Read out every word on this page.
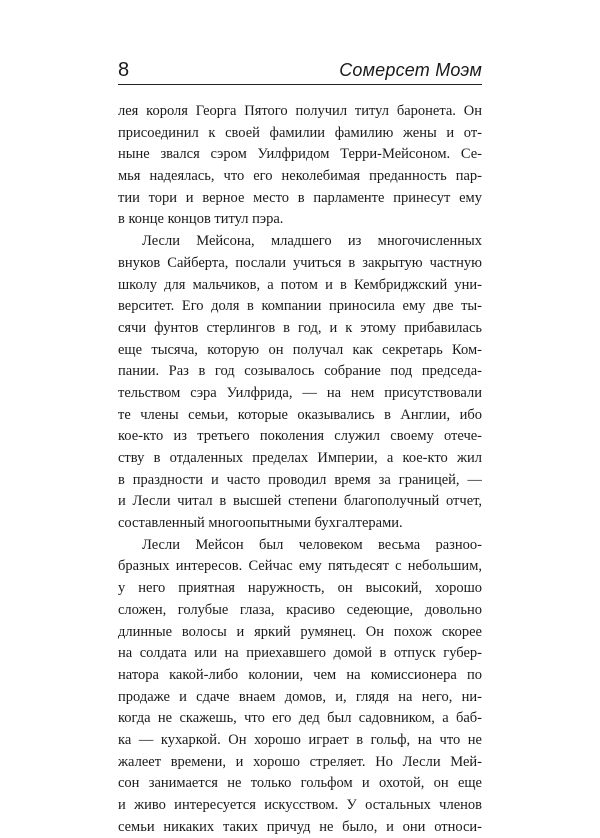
8	Сомерсет Моэм
лея короля Георга Пятого получил титул баронета. Он
присоединил к своей фамилии фамилию жены и от-
ныне звался сэром Уилфридом Терри-Мейсоном. Се-
мья надеялась, что его неколебимая преданность пар-
тии тори и верное место в парламенте принесут ему
в конце концов титул пэра.
Лесли Мейсона, младшего из многочисленных
внуков Сайберта, послали учиться в закрытую частную
школу для мальчиков, а потом и в Кембриджский уни-
верситет. Его доля в компании приносила ему две ты-
сячи фунтов стерлингов в год, и к этому прибавилась
еще тысяча, которую он получал как секретарь Ком-
пании. Раз в год созывалось собрание под председа-
тельством сэра Уилфрида, — на нем присутствовали
те члены семьи, которые оказывались в Англии, ибо
кое-кто из третьего поколения служил своему отече-
ству в отдаленных пределах Империи, а кое-кто жил
в праздности и часто проводил время за границей, —
и Лесли читал в высшей степени благополучный отчет,
составленный многоопытными бухгалтерами.
Лесли Мейсон был человеком весьма разноо-
бразных интересов. Сейчас ему пятьдесят с небольшим,
у него приятная наружность, он высокий, хорошо
сложен, голубые глаза, красиво седеющие, довольно
длинные волосы и яркий румянец. Он похож скорее
на солдата или на приехавшего домой в отпуск губер-
натора какой-либо колонии, чем на комиссионера по
продаже и сдаче внаем домов, и, глядя на него, ни-
когда не скажешь, что его дед был садовником, а баб-
ка — кухаркой. Он хорошо играет в гольф, на что не
жалеет времени, и хорошо стреляет. Но Лесли Мей-
сон занимается не только гольфом и охотой, он еще
и живо интересуется искусством. У остальных членов
семьи никаких таких причуд не было, и они относи-
